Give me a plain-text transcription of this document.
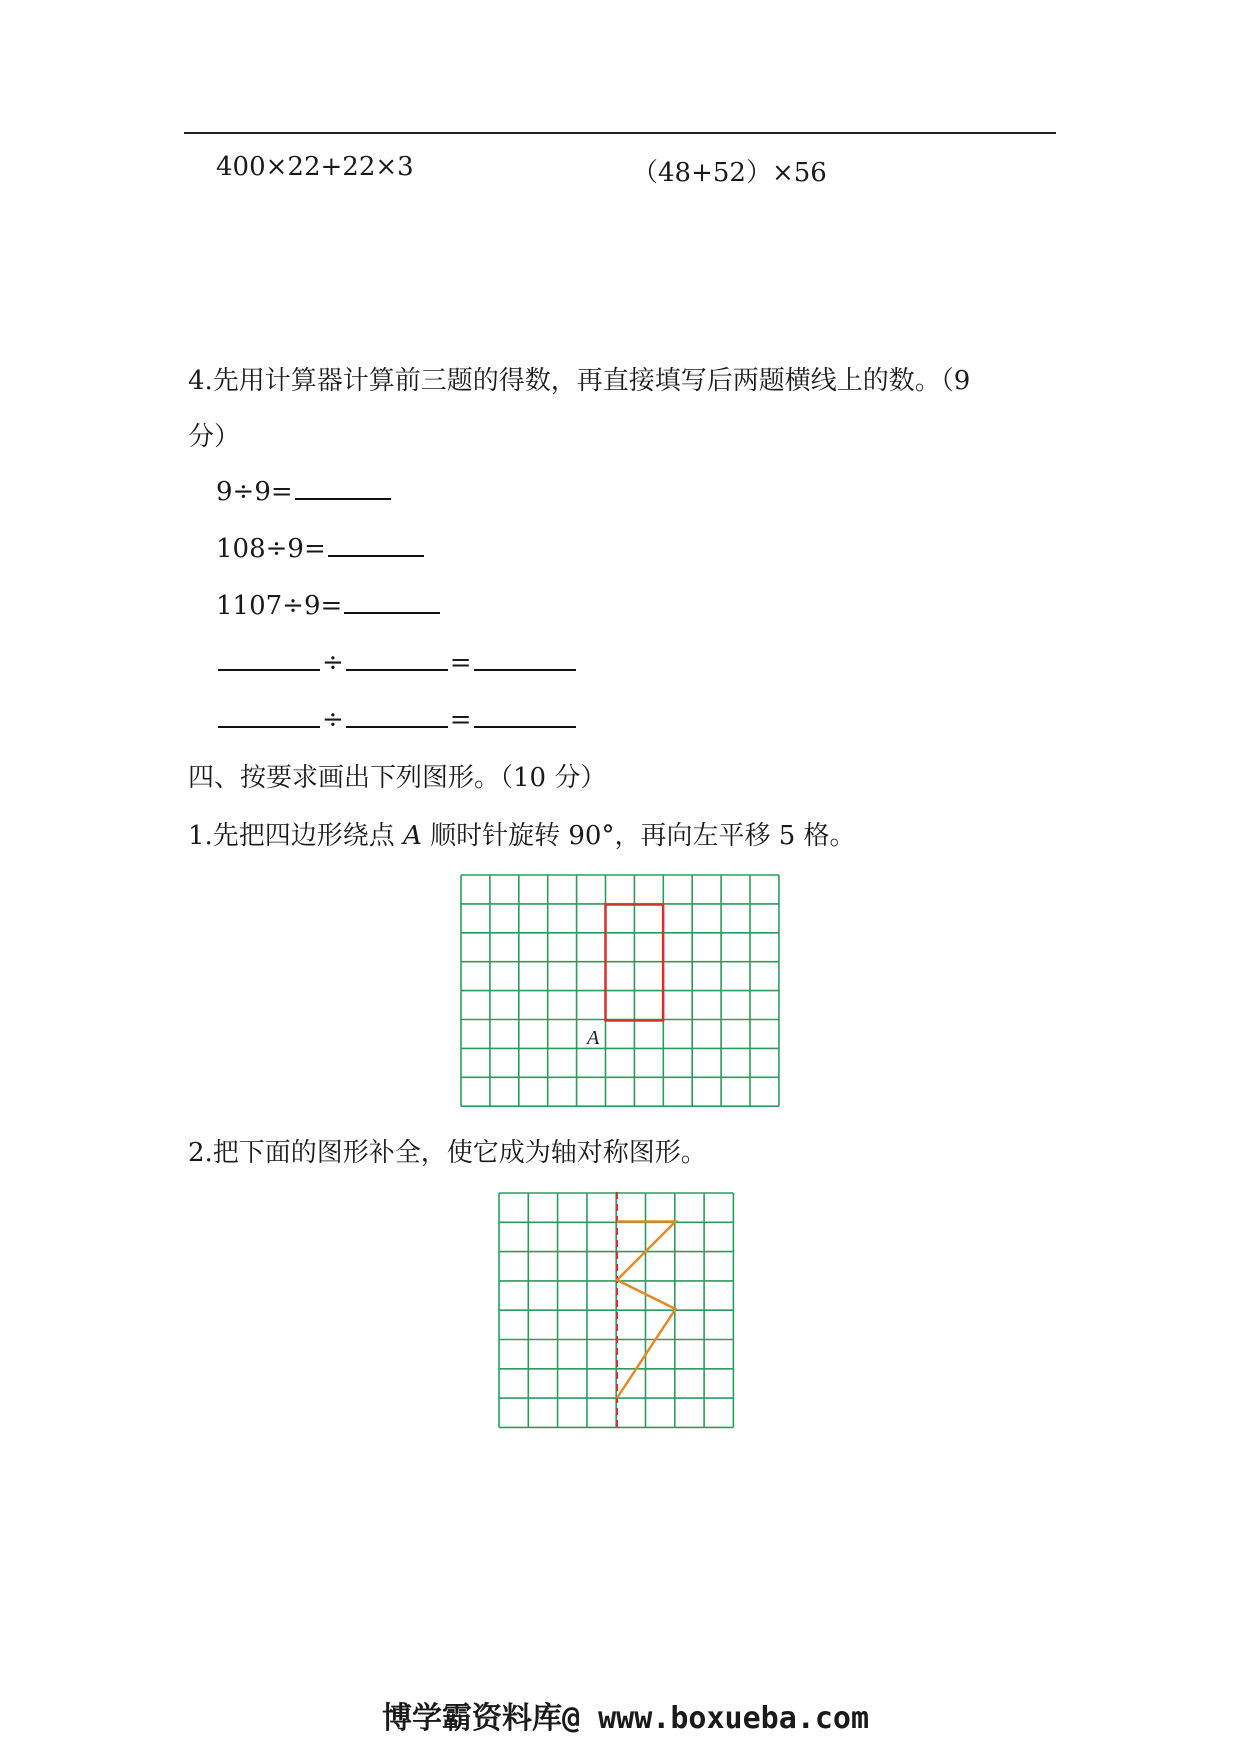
400×22+22×3	（48+52）×56
4.先用计算器计算前三题的得数，再直接填写后两题横线上的数。（9
分）
9÷9=
108÷9=
1107÷9=
÷	=
÷	=
四、按要求画出下列图形。（10 分）
1.先把四边形绕点 A 顺时针旋转 90°，再向左平移 5 格。
A
2.把下面的图形补全，使它成为轴对称图形。
博学霸资料库@ www.boxueba.com
